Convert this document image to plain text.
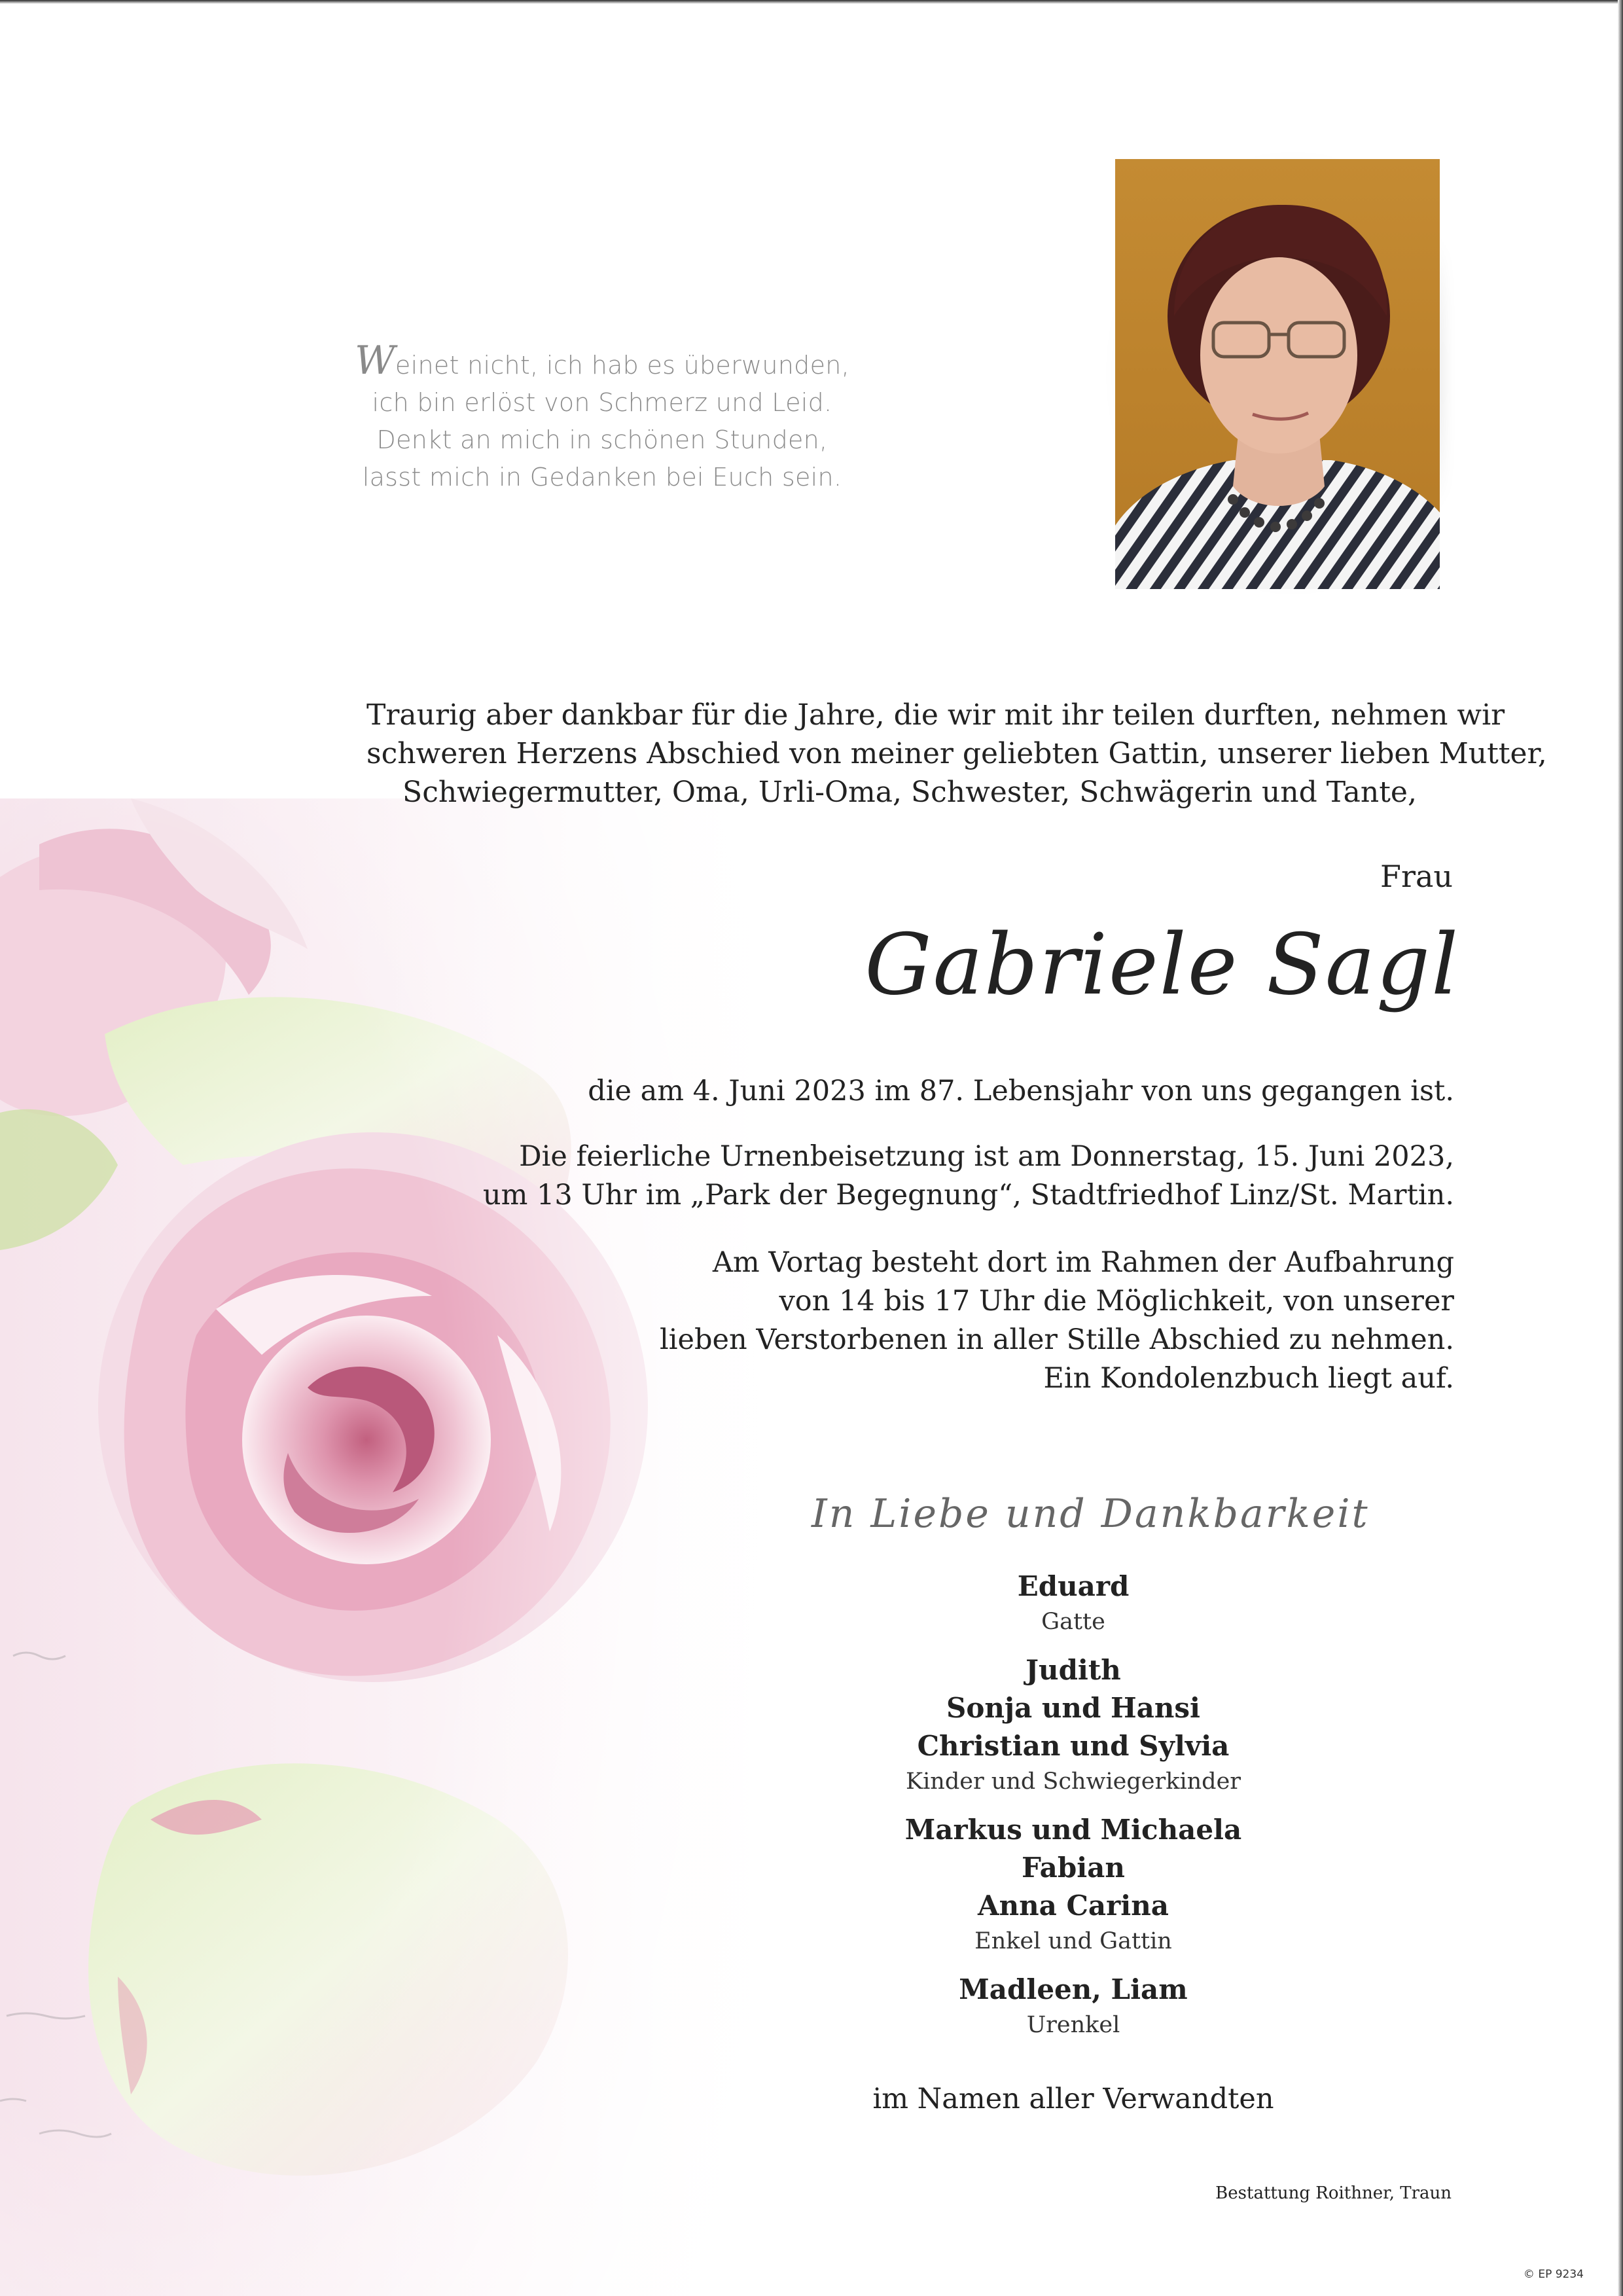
Weinet nicht, ich hab es überwunden,
ich bin erlöst von Schmerz und Leid.
Denkt an mich in schönen Stunden,
lasst mich in Gedanken bei Euch sein.
Traurig aber dankbar für die Jahre, die wir mit ihr teilen durften, nehmen wir
schweren Herzens Abschied von meiner geliebten Gattin, unserer lieben Mutter,
Schwiegermutter, Oma, Urli-Oma, Schwester, Schwägerin und Tante,
Frau
Gabriele Sagl
die am 4. Juni 2023 im 87. Lebensjahr von uns gegangen ist.
Die feierliche Urnenbeisetzung ist am Donnerstag, 15. Juni 2023,
um 13 Uhr im „Park der Begegnung“, Stadtfriedhof Linz/St. Martin.
Am Vortag besteht dort im Rahmen der Aufbahrung
von 14 bis 17 Uhr die Möglichkeit, von unserer
lieben Verstorbenen in aller Stille Abschied zu nehmen.
Ein Kondolenzbuch liegt auf.
In Liebe und Dankbarkeit
Eduard
Gatte
Judith
Sonja und Hansi
Christian und Sylvia
Kinder und Schwiegerkinder
Markus und Michaela
Fabian
Anna Carina
Enkel und Gattin
Madleen, Liam
Urenkel
im Namen aller Verwandten
Bestattung Roithner, Traun
© EP 9234
